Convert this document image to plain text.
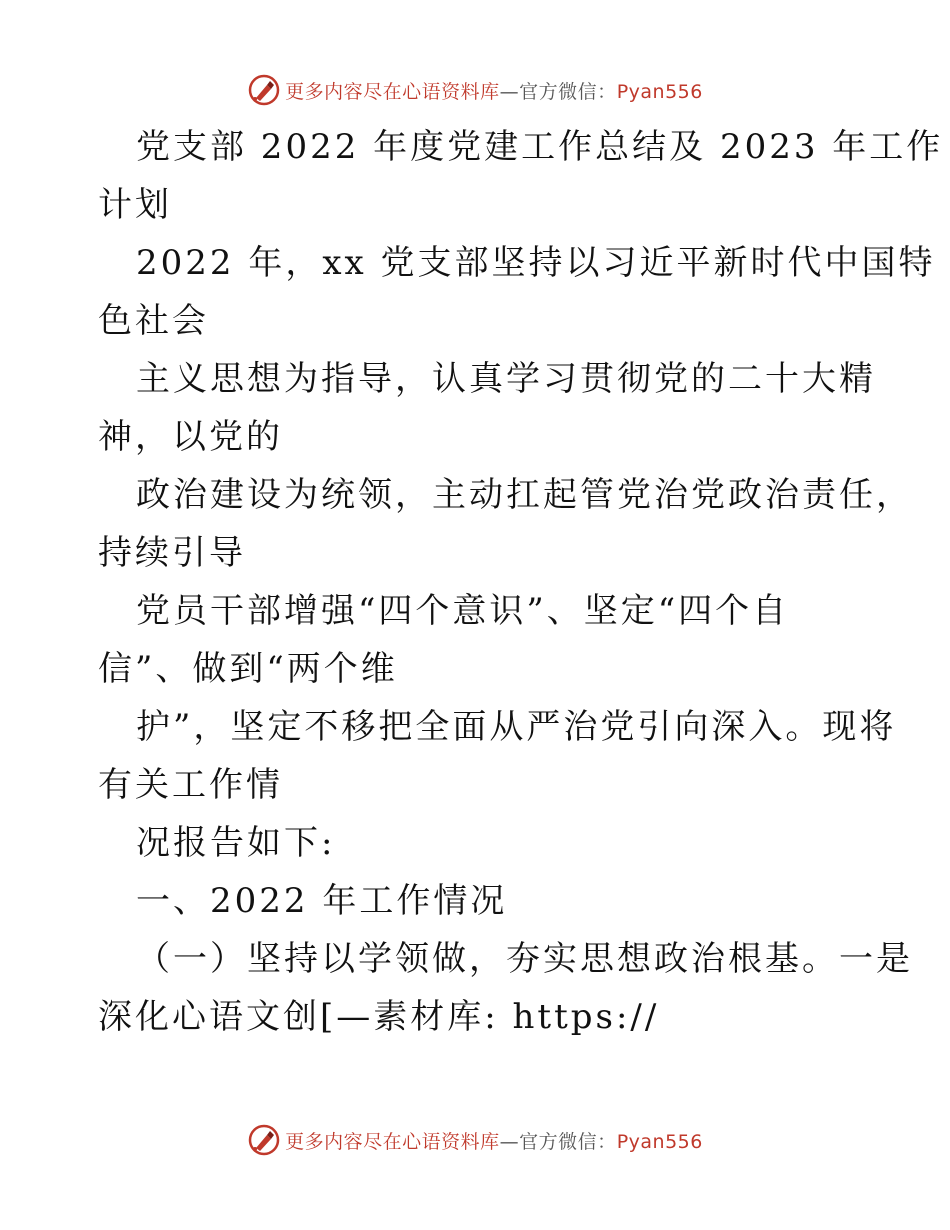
更多内容尽在心语资料库—官方微信：Pyan556
党支部 2022 年度党建工作总结及 2023 年工作
计划
2022 年，xx 党支部坚持以习近平新时代中国特
色社会
主义思想为指导，认真学习贯彻党的二十大精
神，以党的
政治建设为统领，主动扛起管党治党政治责任，
持续引导
党员干部增强“四个意识”、坚定“四个自
信”、做到“两个维
护”，坚定不移把全面从严治党引向深入。现将
有关工作情
况报告如下:
一、2022 年工作情况
（一）坚持以学领做，夯实思想政治根基。一是
深化心语文创[—素材库: https://
更多内容尽在心语资料库—官方微信：Pyan556
